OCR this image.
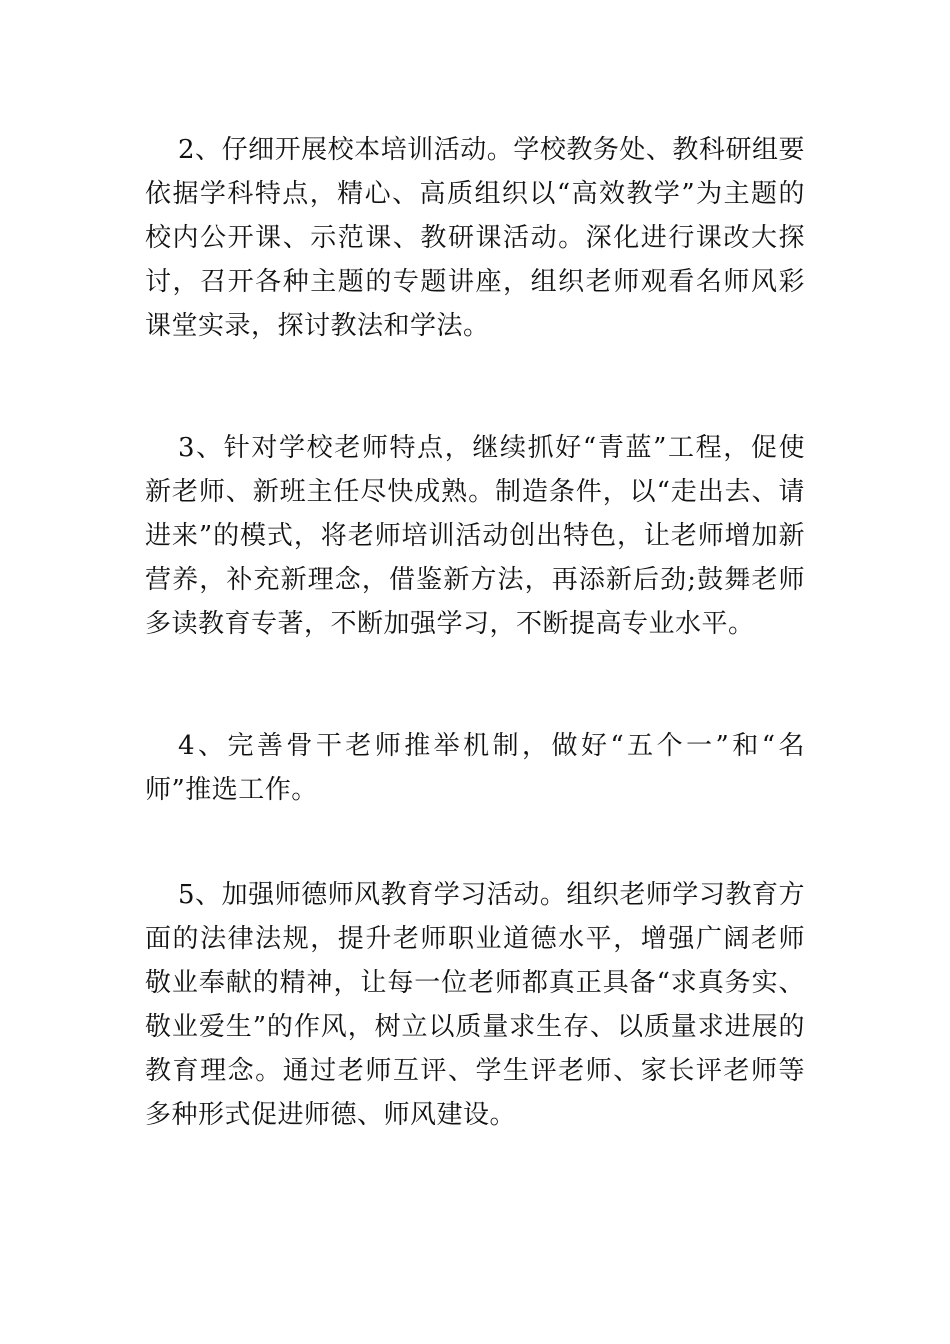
2、仔细开展校本培训活动。学校教务处、教科研组要依据学科特点，精心、高质组织以“高效教学”为主题的校内公开课、示范课、教研课活动。深化进行课改大探讨，召开各种主题的专题讲座，组织老师观看名师风彩课堂实录，探讨教法和学法。

3、针对学校老师特点，继续抓好“青蓝”工程，促使新老师、新班主任尽快成熟。制造条件，以“走出去、请进来”的模式，将老师培训活动创出特色，让老师增加新营养，补充新理念，借鉴新方法，再添新后劲;鼓舞老师多读教育专著，不断加强学习，不断提高专业水平。

4、完善骨干老师推举机制，做好“五个一”和“名师”推选工作。

5、加强师德师风教育学习活动。组织老师学习教育方面的法律法规，提升老师职业道德水平，增强广阔老师敬业奉献的精神，让每一位老师都真正具备“求真务实、敬业爱生”的作风，树立以质量求生存、以质量求进展的教育理念。通过老师互评、学生评老师、家长评老师等多种形式促进师德、师风建设。
